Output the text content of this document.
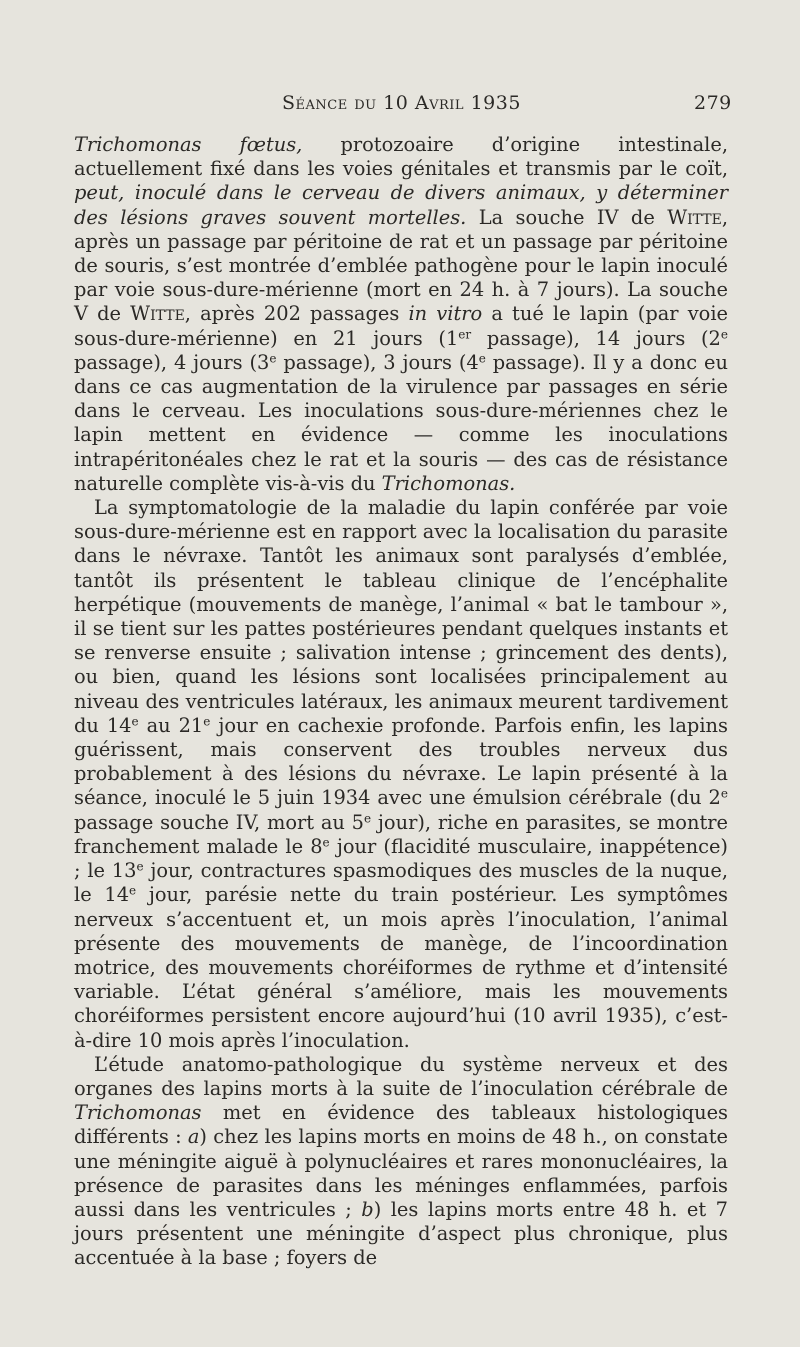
Séance du 10 Avril 1935	279

Trichomonas fœtus, protozoaire d’origine intestinale, actuellement fixé dans les voies génitales et transmis par le coït, peut, inoculé dans le cerveau de divers animaux, y déterminer des lésions graves souvent mortelles. La souche IV de Witte, après un passage par péritoine de rat et un passage par péritoine de souris, s’est montrée d’emblée pathogène pour le lapin inoculé par voie sous-dure-mérienne (mort en 24 h. à 7 jours). La souche V de Witte, après 202 passages in vitro a tué le lapin (par voie sous-dure-mérienne) en 21 jours (1er passage), 14 jours (2e passage), 4 jours (3e passage), 3 jours (4e passage). Il y a donc eu dans ce cas augmentation de la virulence par passages en série dans le cerveau. Les inoculations sous-dure-mériennes chez le lapin mettent en évidence — comme les inoculations intrapéritonéales chez le rat et la souris — des cas de résistance naturelle complète vis-à-vis du Trichomonas.

La symptomatologie de la maladie du lapin conférée par voie sous-dure-mérienne est en rapport avec la localisation du parasite dans le névraxe. Tantôt les animaux sont paralysés d’emblée, tantôt ils présentent le tableau clinique de l’encéphalite herpétique (mouvements de manège, l’animal « bat le tambour », il se tient sur les pattes postérieures pendant quelques instants et se renverse ensuite ; salivation intense ; grincement des dents), ou bien, quand les lésions sont localisées principalement au niveau des ventricules latéraux, les animaux meurent tardivement du 14e au 21e jour en cachexie profonde. Parfois enfin, les lapins guérissent, mais conservent des troubles nerveux dus probablement à des lésions du névraxe. Le lapin présenté à la séance, inoculé le 5 juin 1934 avec une émulsion cérébrale (du 2e passage souche IV, mort au 5e jour), riche en parasites, se montre franchement malade le 8e jour (flacidité musculaire, inappétence) ; le 13e jour, contractures spasmodiques des muscles de la nuque, le 14e jour, parésie nette du train postérieur. Les symptômes nerveux s’accentuent et, un mois après l’inoculation, l’animal présente des mouvements de manège, de l’incoordination motrice, des mouvements choréiformes de rythme et d’intensité variable. L’état général s’améliore, mais les mouvements choréiformes persistent encore aujourd’hui (10 avril 1935), c’est-à-dire 10 mois après l’inoculation.

L’étude anatomo-pathologique du système nerveux et des organes des lapins morts à la suite de l’inoculation cérébrale de Trichomonas met en évidence des tableaux histologiques différents : a) chez les lapins morts en moins de 48 h., on constate une méningite aiguë à polynucléaires et rares mononucléaires, la présence de parasites dans les méninges enflammées, parfois aussi dans les ventricules ; b) les lapins morts entre 48 h. et 7 jours présentent une méningite d’aspect plus chronique, plus accentuée à la base ; foyers de
